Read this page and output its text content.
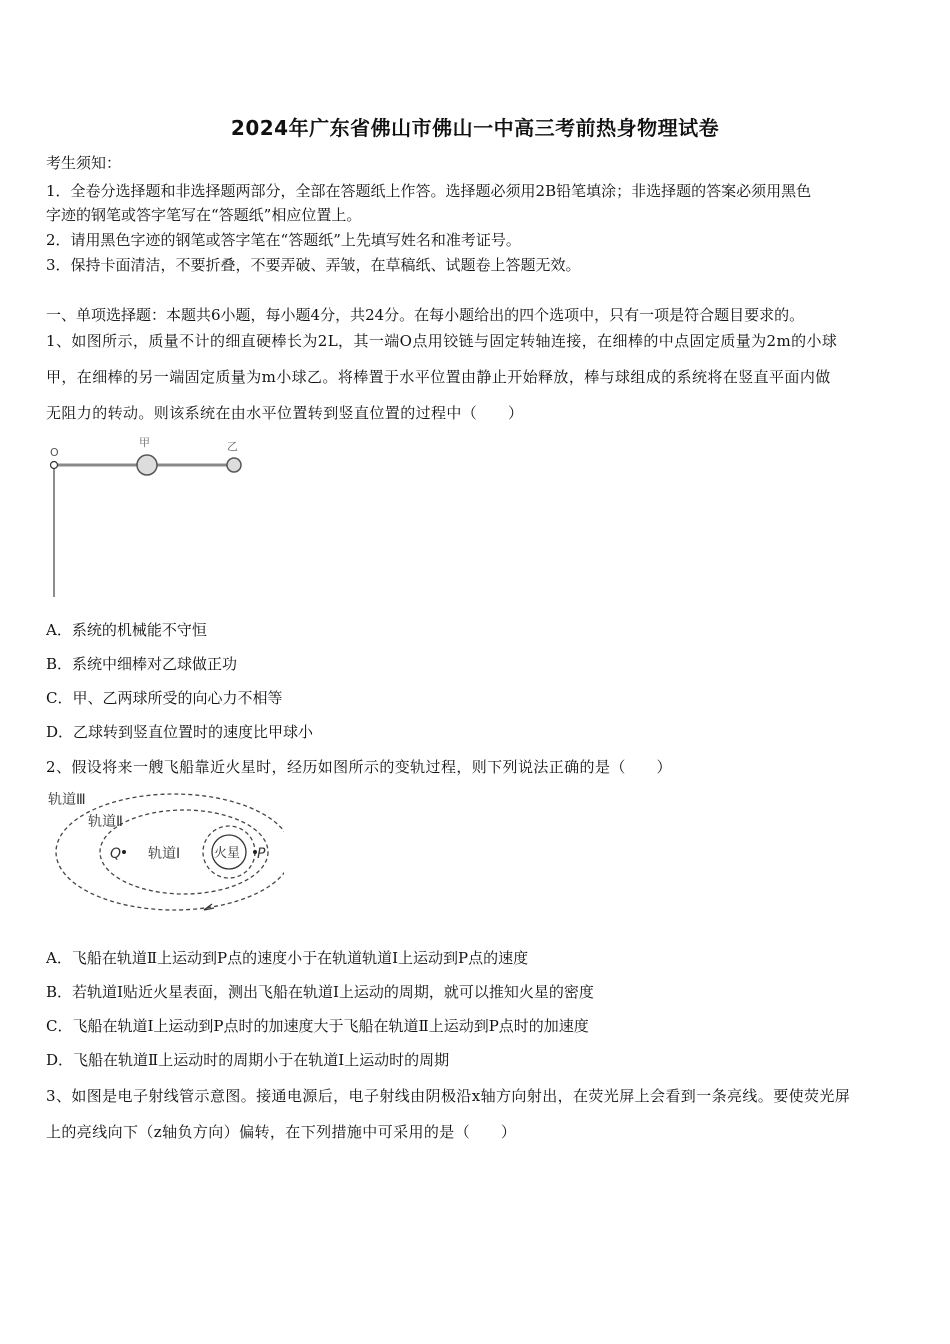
2024年广东省佛山市佛山一中高三考前热身物理试卷
考生须知：
1．全卷分选择题和非选择题两部分，全部在答题纸上作答。选择题必须用2B铅笔填涂；非选择题的答案必须用黑色
字迹的钢笔或答字笔写在“答题纸”相应位置上。
2．请用黑色字迹的钢笔或答字笔在“答题纸”上先填写姓名和准考证号。
3．保持卡面清洁，不要折叠，不要弄破、弄皱，在草稿纸、试题卷上答题无效。
一、单项选择题：本题共6小题，每小题4分，共24分。在每小题给出的四个选项中，只有一项是符合题目要求的。
1、如图所示，质量不计的细直硬棒长为2L，其一端O点用铰链与固定转轴连接，在细棒的中点固定质量为2m的小球
甲，在细棒的另一端固定质量为m小球乙。将棒置于水平位置由静止开始释放，棒与球组成的系统将在竖直平面内做
无阻力的转动。则该系统在由水平位置转到竖直位置的过程中（　　）
O
甲	乙
A．系统的机械能不守恒
B．系统中细棒对乙球做正功
C．甲、乙两球所受的向心力不相等
D．乙球转到竖直位置时的速度比甲球小
2、假设将来一艘飞船靠近火星时，经历如图所示的变轨过程，则下列说法正确的是（　　）
轨道Ⅲ
轨道Ⅱ
轨道Ⅰ	火星
Q	P
A．飞船在轨道Ⅱ上运动到P点的速度小于在轨道轨道Ⅰ上运动到P点的速度
B．若轨道I贴近火星表面，测出飞船在轨道I上运动的周期，就可以推知火星的密度
C．飞船在轨道I上运动到P点时的加速度大于飞船在轨道Ⅱ上运动到P点时的加速度
D．飞船在轨道Ⅱ上运动时的周期小于在轨道I上运动时的周期
3、如图是电子射线管示意图。接通电源后，电子射线由阴极沿x轴方向射出，在荧光屏上会看到一条亮线。要使荧光屏
上的亮线向下（z轴负方向）偏转，在下列措施中可采用的是（　　）
